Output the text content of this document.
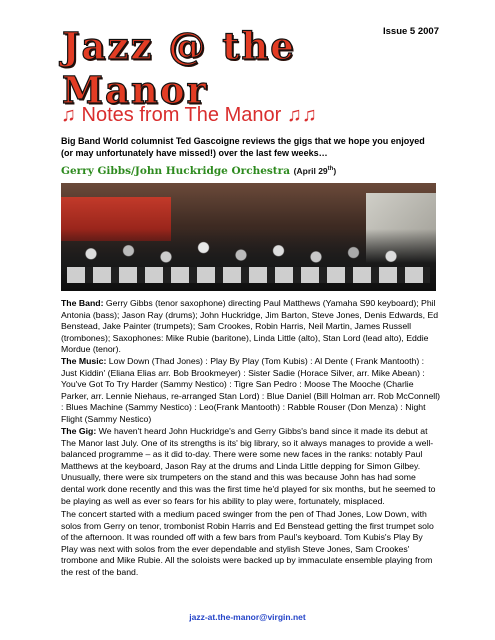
Issue 5 2007
Jazz @ the Manor
♫ Notes from The Manor ♫♫
Big Band World columnist Ted Gascoigne reviews the gigs that we hope you enjoyed (or may unfortunately have missed!) over the last few weeks…
Gerry Gibbs/John Huckridge Orchestra (April 29th)
The Band: Gerry Gibbs (tenor saxophone) directing Paul Matthews (Yamaha S90 keyboard); Phil Antonia (bass); Jason Ray (drums); John Huckridge, Jim Barton, Steve Jones, Denis Edwards, Ed Benstead, Jake Painter (trumpets); Sam Crookes, Robin Harris, Neil Martin, James Russell (trombones); Saxophones: Mike Rubie (baritone), Linda Little (alto), Stan Lord (lead alto), Eddie Mordue (tenor).
The Music: Low Down (Thad Jones) : Play By Play (Tom Kubis) : Al Dente ( Frank Mantooth) : Just Kiddin' (Eliana Elias arr. Bob Brookmeyer) : Sister Sadie (Horace Silver, arr. Mike Abean) : You've Got To Try Harder (Sammy Nestico) : Tigre San Pedro : Moose The Mooche (Charlie Parker, arr. Lennie Niehaus, re-arranged Stan Lord) : Blue Daniel (Bill Holman arr. Rob McConnell) : Blues Machine (Sammy Nestico) : Leo(Frank Mantooth) : Rabble Rouser (Don Menza) : Night Flight (Sammy Nestico)
The Gig: We haven't heard John Huckridge's and Gerry Gibbs's band since it made its debut at The Manor last July. One of its strengths is its' big library, so it always manages to provide a well-balanced programme – as it did to-day. There were some new faces in the ranks: notably Paul Matthews at the keyboard, Jason Ray at the drums and Linda Little depping for Simon Gilbey. Unusually, there were six trumpeters on the stand and this was because John has had some dental work done recently and this was the first time he'd played for six months, but he seemed to be playing as well as ever so fears for his ability to play were, fortunately, misplaced.
The concert started with a medium paced swinger from the pen of Thad Jones, Low Down, with solos from Gerry on tenor, trombonist Robin Harris and Ed Benstead getting the first trumpet solo of the afternoon. It was rounded off with a few bars from Paul's keyboard. Tom Kubis's Play By Play was next with solos from the ever dependable and stylish Steve Jones, Sam Crookes' trombone and Mike Rubie. All the soloists were backed up by immaculate ensemble playing from the rest of the band.
jazz-at.the-manor@virgin.net
